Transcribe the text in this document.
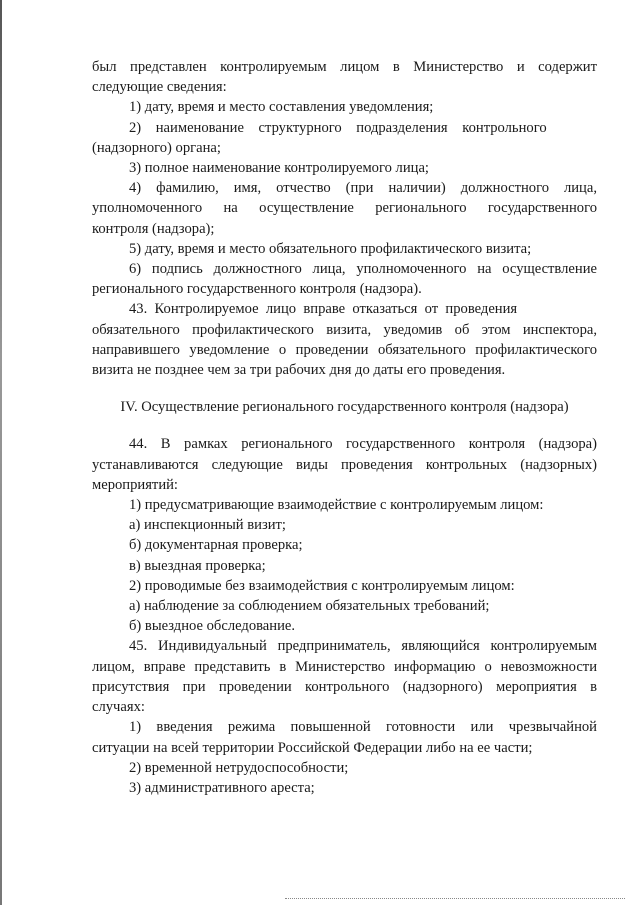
был представлен контролируемым лицом в Министерство и содержит
следующие сведения:
1) дату, время и место составления уведомления;
2) наименование структурного подразделения контрольного
(надзорного) органа;
3) полное наименование контролируемого лица;
4) фамилию, имя, отчество (при наличии) должностного лица,
уполномоченного на осуществление регионального государственного
контроля (надзора);
5) дату, время и место обязательного профилактического визита;
6) подпись должностного лица, уполномоченного на осуществление
регионального государственного контроля (надзора).
43. Контролируемое лицо вправе отказаться от проведения
обязательного профилактического визита, уведомив об этом инспектора,
направившего уведомление о проведении обязательного профилактического
визита не позднее чем за три рабочих дня до даты его проведения.
IV. Осуществление регионального государственного контроля (надзора)
44. В рамках регионального государственного контроля (надзора)
устанавливаются следующие виды проведения контрольных (надзорных)
мероприятий:
1) предусматривающие взаимодействие с контролируемым лицом:
а) инспекционный визит;
б) документарная проверка;
в) выездная проверка;
2) проводимые без взаимодействия с контролируемым лицом:
а) наблюдение за соблюдением обязательных требований;
б) выездное обследование.
45. Индивидуальный предприниматель, являющийся контролируемым
лицом, вправе представить в Министерство информацию о невозможности
присутствия при проведении контрольного (надзорного) мероприятия в
случаях:
1) введения режима повышенной готовности или чрезвычайной
ситуации на всей территории Российской Федерации либо на ее части;
2) временной нетрудоспособности;
3) административного ареста;
